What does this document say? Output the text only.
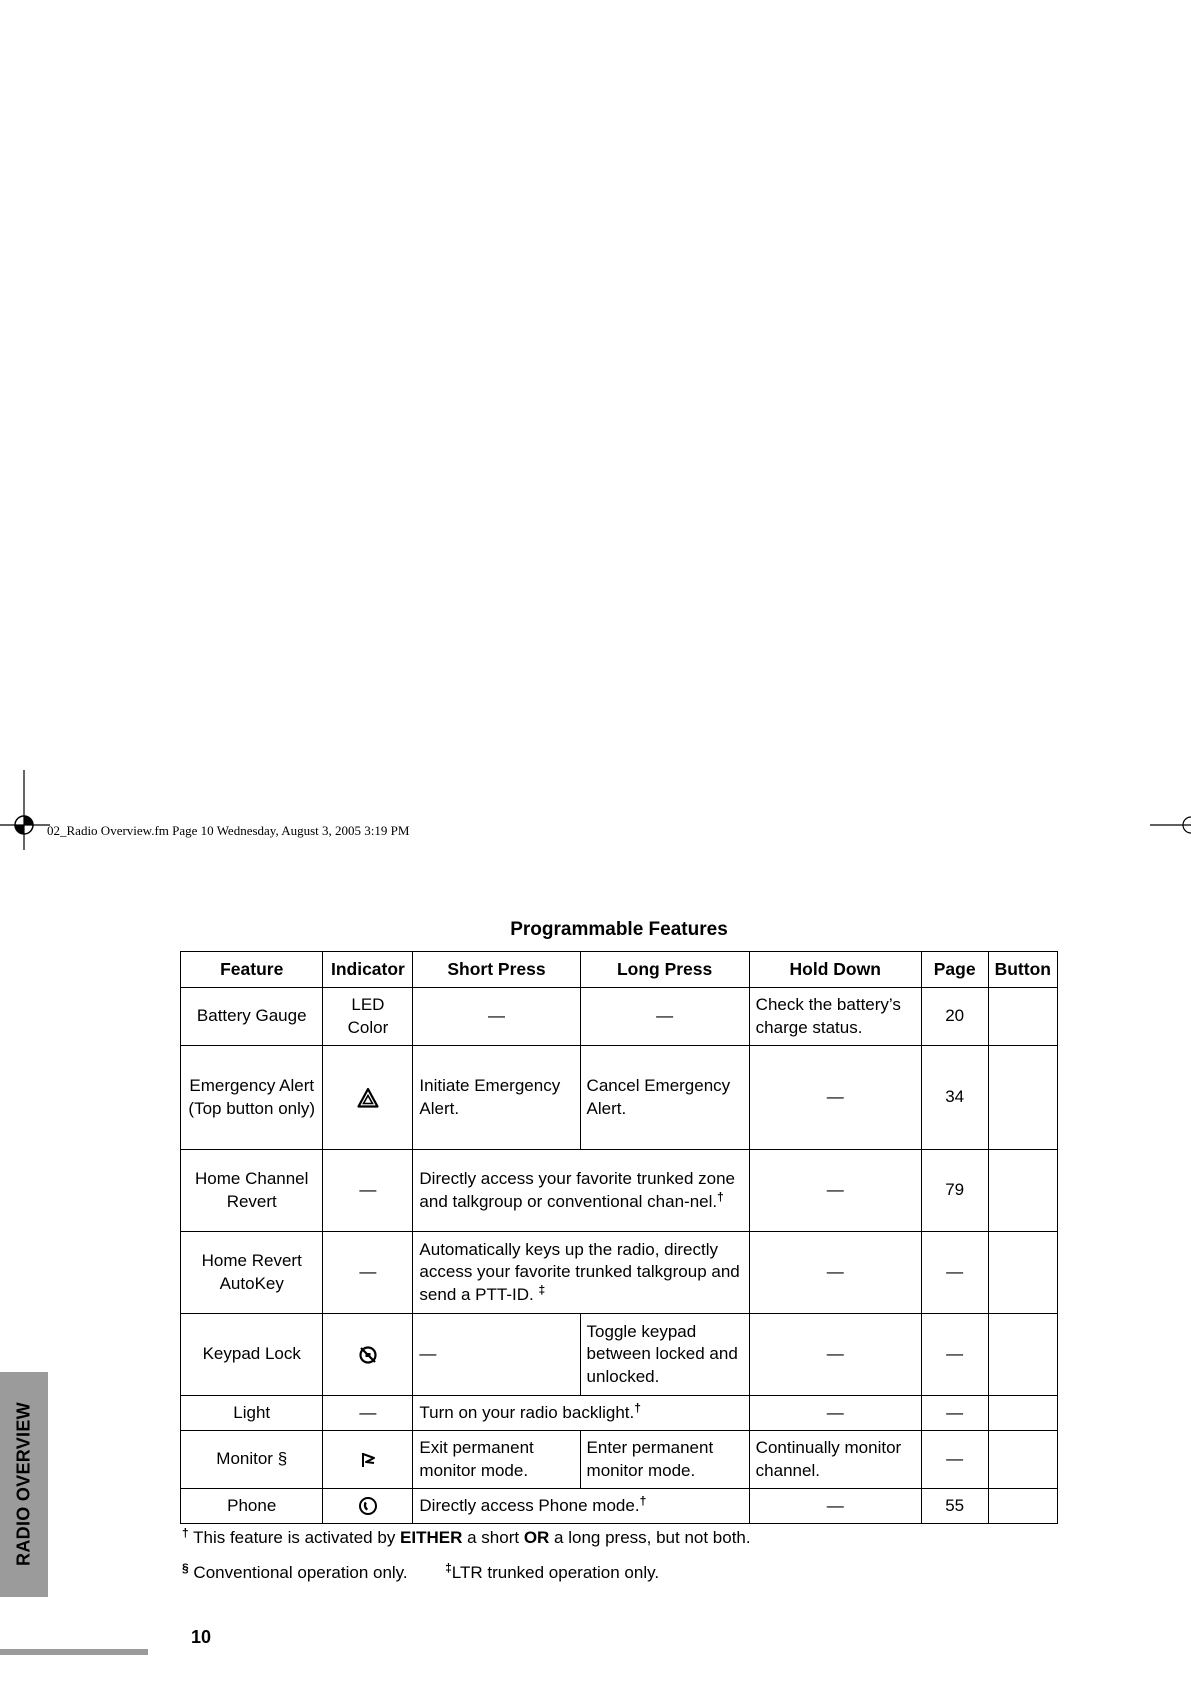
02_Radio Overview.fm Page 10 Wednesday, August 3, 2005 3:19 PM
Programmable Features
Feature	Indicator	Short Press	Long Press	Hold Down	Page	Button
Battery Gauge	LED Color	—	—	Check the battery’s charge status.	20	
Emergency Alert (Top button only)		Initiate Emergency Alert.	Cancel Emergency Alert.	—	34	
Home Channel Revert	—	Directly access your favorite trunked zone and talkgroup or conventional chan-nel.†		—	79	
Home Revert AutoKey	—	Automatically keys up the radio, directly access your favorite trunked talkgroup and send a PTT-ID. ‡		—	—	
Keypad Lock		—	Toggle keypad between locked and unlocked.	—	—	
Light	—	Turn on your radio backlight.†		—	—	
Monitor §		Exit permanent monitor mode.	Enter permanent monitor mode.	Continually monitor channel.	—	
Phone		Directly access Phone mode.†		—	55	
† This feature is activated by EITHER a short OR a long press, but not both.
§ Conventional operation only.	‡LTR trunked operation only.
RADIO OVERVIEW
10
